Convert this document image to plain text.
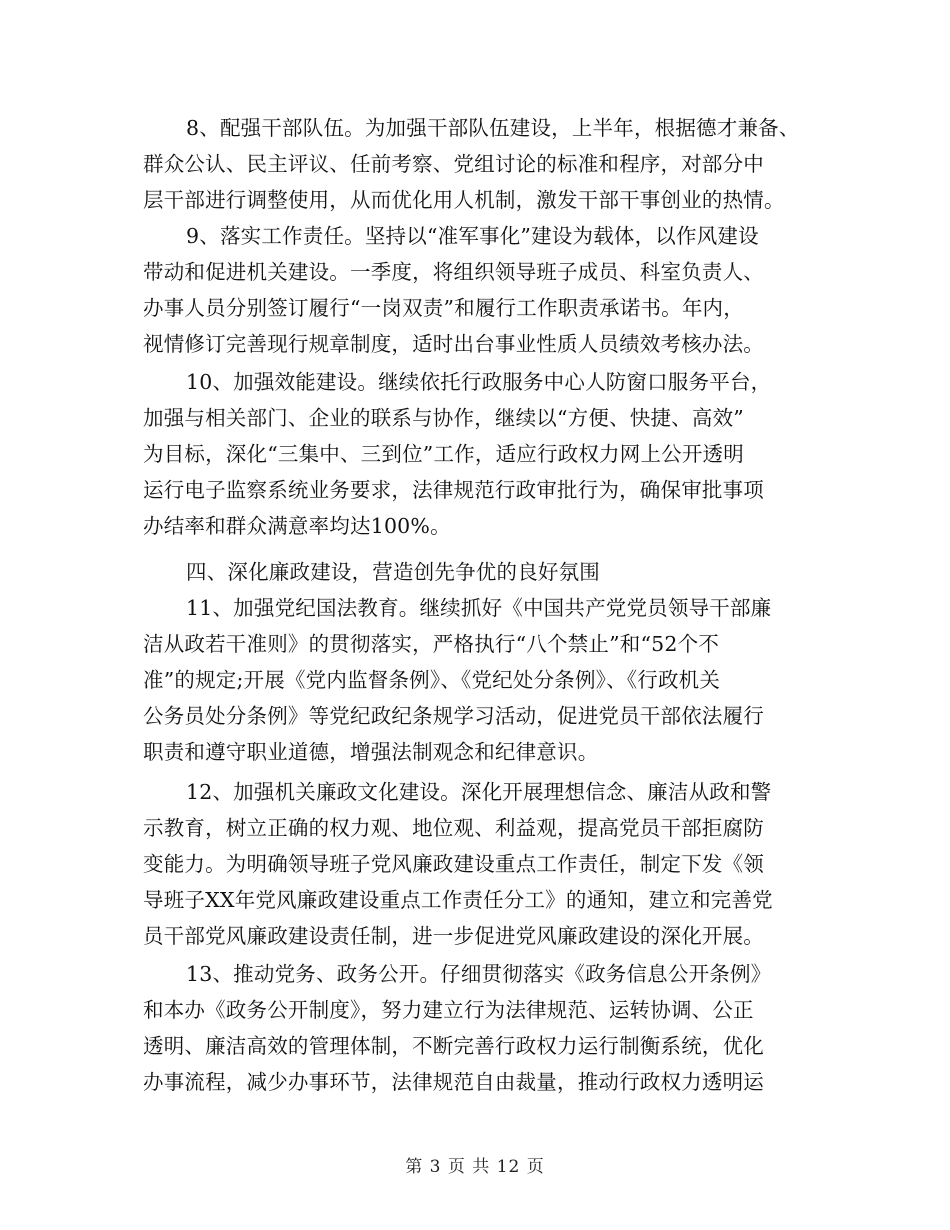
8、配强干部队伍。为加强干部队伍建设，上半年，根据德才兼备、
群众公认、民主评议、任前考察、党组讨论的标准和程序，对部分中
层干部进行调整使用，从而优化用人机制，激发干部干事创业的热情。
9、落实工作责任。坚持以“准军事化”建设为载体，以作风建设
带动和促进机关建设。一季度，将组织领导班子成员、科室负责人、
办事人员分别签订履行“一岗双责”和履行工作职责承诺书。年内，
视情修订完善现行规章制度，适时出台事业性质人员绩效考核办法。
10、加强效能建设。继续依托行政服务中心人防窗口服务平台，
加强与相关部门、企业的联系与协作，继续以“方便、快捷、高效”
为目标，深化“三集中、三到位”工作，适应行政权力网上公开透明
运行电子监察系统业务要求，法律规范行政审批行为，确保审批事项
办结率和群众满意率均达100%。
四、深化廉政建设，营造创先争优的良好氛围
11、加强党纪国法教育。继续抓好《中国共产党党员领导干部廉
洁从政若干准则》的贯彻落实，严格执行“八个禁止”和“52个不
准”的规定;开展《党内监督条例》、《党纪处分条例》、《行政机关
公务员处分条例》等党纪政纪条规学习活动，促进党员干部依法履行
职责和遵守职业道德，增强法制观念和纪律意识。
12、加强机关廉政文化建设。深化开展理想信念、廉洁从政和警
示教育，树立正确的权力观、地位观、利益观，提高党员干部拒腐防
变能力。为明确领导班子党风廉政建设重点工作责任，制定下发《领
导班子XX年党风廉政建设重点工作责任分工》的通知，建立和完善党
员干部党风廉政建设责任制，进一步促进党风廉政建设的深化开展。
13、推动党务、政务公开。仔细贯彻落实《政务信息公开条例》
和本办《政务公开制度》，努力建立行为法律规范、运转协调、公正
透明、廉洁高效的管理体制，不断完善行政权力运行制衡系统，优化
办事流程，减少办事环节，法律规范自由裁量，推动行政权力透明运
第 3 页 共 12 页
